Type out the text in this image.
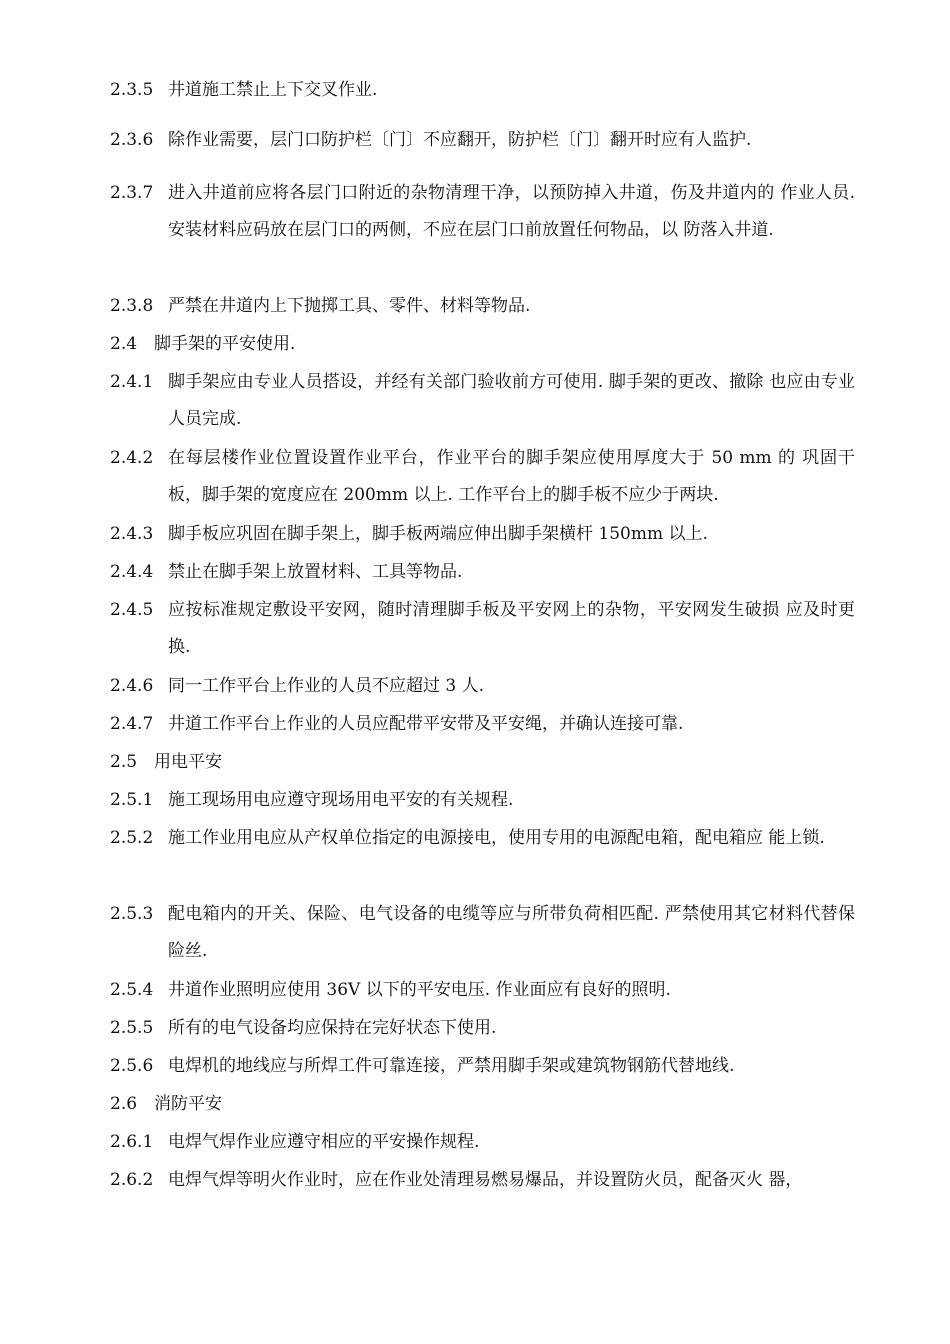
2.3.5 井道施工禁止上下交叉作业.
2.3.6 除作业需要，层门口防护栏〔门〕不应翻开，防护栏〔门〕翻开时应有人监护.
2.3.7 进入井道前应将各层门口附近的杂物清理干净，以预防掉入井道，伤及井道内的 作业人员. 安装材料应码放在层门口的两侧，不应在层门口前放置任何物品，以 防落入井道.
2.3.8 严禁在井道内上下抛掷工具、零件、材料等物品.
2.4 脚手架的平安使用.
2.4.1 脚手架应由专业人员搭设，并经有关部门验收前方可使用. 脚手架的更改、撤除 也应由专业人员完成.
2.4.2 在每层楼作业位置设置作业平台，作业平台的脚手架应使用厚度大于 50 mm 的 巩固干板，脚手架的宽度应在 200mm 以上. 工作平台上的脚手板不应少于两块.
2.4.3 脚手板应巩固在脚手架上，脚手板两端应伸出脚手架横杆 150mm 以上.
2.4.4 禁止在脚手架上放置材料、工具等物品.
2.4.5 应按标准规定敷设平安网，随时清理脚手板及平安网上的杂物，平安网发生破损 应及时更换.
2.4.6 同一工作平台上作业的人员不应超过 3 人.
2.4.7 井道工作平台上作业的人员应配带平安带及平安绳，并确认连接可靠.
2.5 用电平安
2.5.1 施工现场用电应遵守现场用电平安的有关规程.
2.5.2 施工作业用电应从产权单位指定的电源接电，使用专用的电源配电箱，配电箱应 能上锁.
2.5.3 配电箱内的开关、保险、电气设备的电缆等应与所带负荷相匹配. 严禁使用其它材料代替保险丝.
2.5.4 井道作业照明应使用 36V 以下的平安电压. 作业面应有良好的照明.
2.5.5 所有的电气设备均应保持在完好状态下使用.
2.5.6 电焊机的地线应与所焊工件可靠连接，严禁用脚手架或建筑物钢筋代替地线.
2.6 消防平安
2.6.1 电焊气焊作业应遵守相应的平安操作规程.
2.6.2 电焊气焊等明火作业时，应在作业处清理易燃易爆品，并设置防火员，配备灭火 器，
